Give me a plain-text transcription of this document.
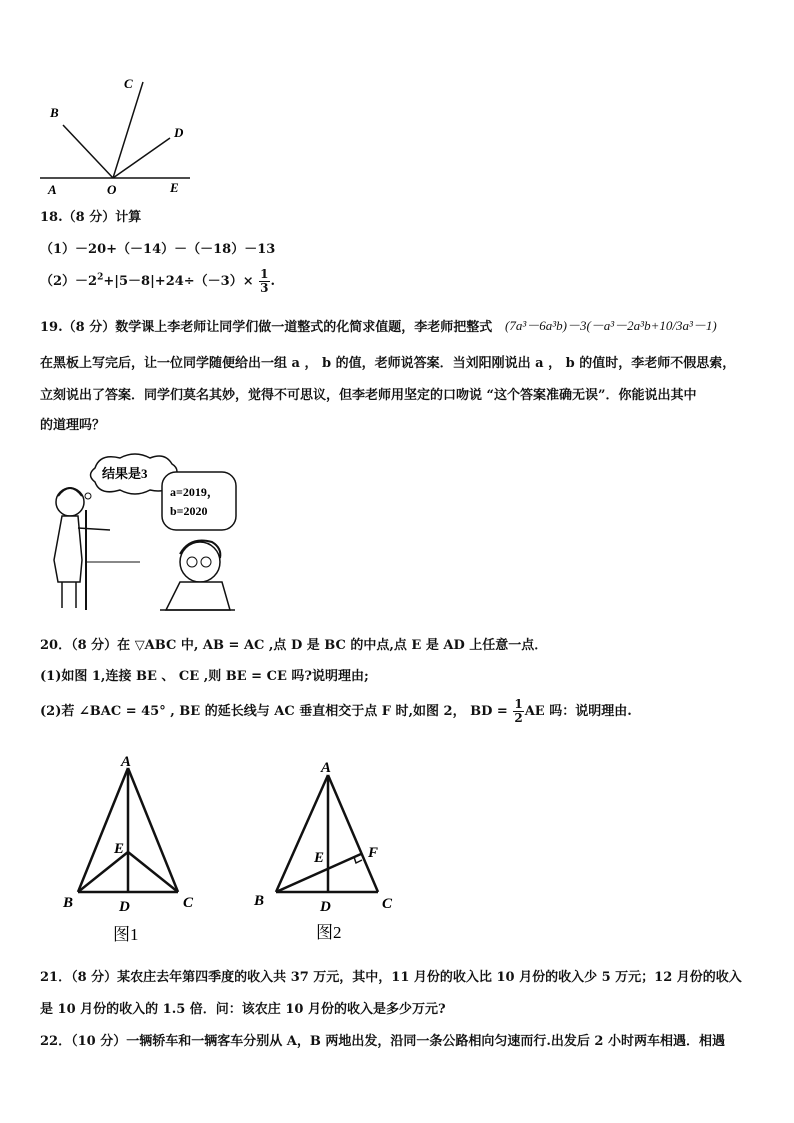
A	O	E
B
C
D
18.（8 分）计算
（1）－20+（－14）－（－18）－13
$(2)-2^2+|5-8|+24\div(-3)\times \frac{1}{3}$ .
19.（8 分）数学课上李老师让同学们做一道整式的化简求值题，李老师把整式 (7a³－6a³b)－3(－a³－2a³b+10/3a³－1)
在黑板上写完后，让一位同学随便给出一组 a ， b 的值，老师说答案．当刘阳刚说出 a ， b 的值时，李老师不假思索，
立刻说出了答案．同学们莫名其妙，觉得不可思议，但李老师用坚定的口吻说 “这个答案准确无误”．你能说出其中
的道理吗？
结果是3
a=2019，
b=2020
20．（8 分）在 ▽ABC 中, AB = AC ,点 D 是 BC 的中点,点 E 是 AD 上任意一点．
(1)如图 1,连接 BE 、 CE ,则 BE = CE 吗?说明理由;
(2)若 ∠BAC = 45° , BE 的延长线与 AC 垂直相交于点 F 时,如图 2， BD = $\frac{1}{2}$ AE 吗：说明理由.
A
B	C
D
E
图1
A
B	C
D
E	F
图2
21．（8 分）某农庄去年第四季度的收入共 37 万元，其中，11 月份的收入比 10 月份的收入少 5 万元；12 月份的收入
是 10 月份的收入的 1.5 倍．问：该农庄 10 月份的收入是多少万元?
22．（10 分）一辆轿车和一辆客车分别从 A，B 两地出发，沿同一条公路相向匀速而行.出发后 2 小时两车相遇．相遇
